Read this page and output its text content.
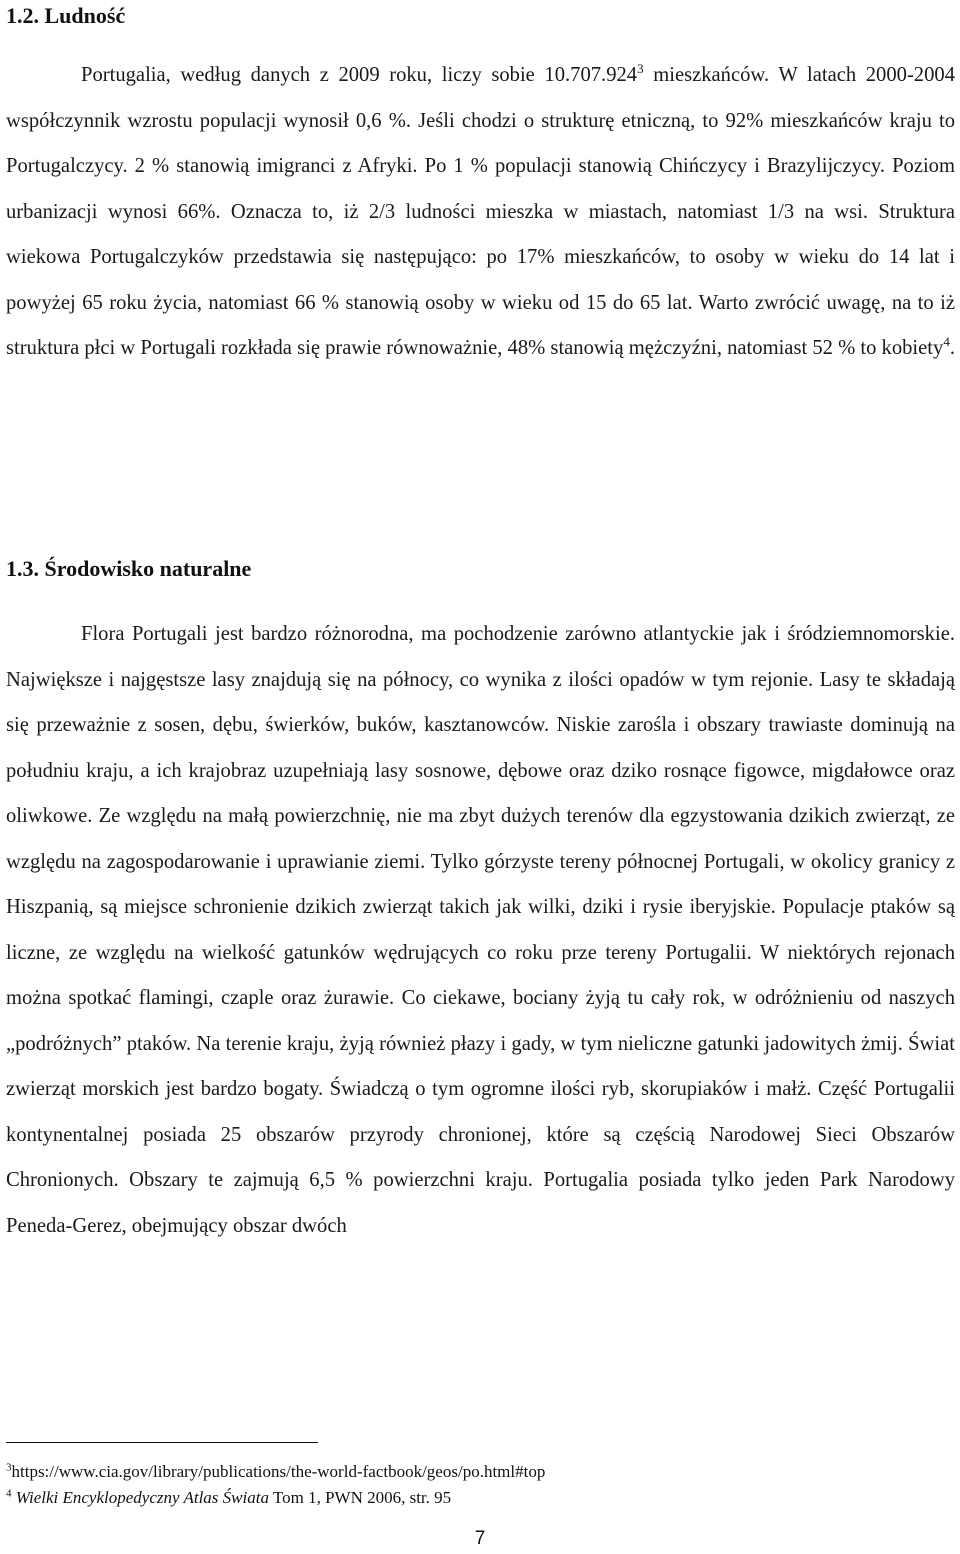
1.2. Ludność

Portugalia, według danych z 2009 roku, liczy sobie 10.707.924$^3$ mieszkańców. W latach 2000-2004 współczynnik wzrostu populacji wynosił 0,6 %. Jeśli chodzi o strukturę etniczną, to 92% mieszkańców kraju to Portugalczycy. 2 % stanowią imigranci z Afryki. Po 1 % populacji stanowią Chińczycy i Brazylijczycy. Poziom urbanizacji wynosi 66%. Oznacza to, iż 2/3 ludności mieszka w miastach, natomiast 1/3 na wsi. Struktura wiekowa Portugalczyków przedstawia się następująco: po 17% mieszkańców, to osoby w wieku do 14 lat i powyżej 65 roku życia, natomiast 66 % stanowią osoby w wieku od 15 do 65 lat. Warto zwrócić uwagę, na to iż struktura płci w Portugali rozkłada się prawie równoważnie, 48% stanowią mężczyźni, natomiast 52 % to kobiety$^4$.

1.3. Środowisko naturalne

Flora Portugali jest bardzo różnorodna, ma pochodzenie zarówno atlantyckie jak i śródziemnomorskie. Największe i najgęstsze lasy znajdują się na północy, co wynika z ilości opadów w tym rejonie. Lasy te składają się przeważnie z sosen, dębu, świerków, buków, kasztanowców. Niskie zarośla i obszary trawiaste dominują na południu kraju, a ich krajobraz uzupełniają lasy sosnowe, dębowe oraz dziko rosnące figowce, migdałowce oraz oliwkowe. Ze względu na małą powierzchnię, nie ma zbyt dużych terenów dla egzystowania dzikich zwierząt, ze względu na zagospodarowanie i uprawianie ziemi. Tylko górzyste tereny północnej Portugali, w okolicy granicy z Hiszpanią, są miejsce schronienie dzikich zwierząt takich jak wilki, dziki i rysie iberyjskie. Populacje ptaków są liczne, ze względu na wielkość gatunków wędrujących co roku prze tereny Portugalii. W niektórych rejonach można spotkać flamingi, czaple oraz żurawie. Co ciekawe, bociany żyją tu cały rok, w odróżnieniu od naszych „podróżnych” ptaków. Na terenie kraju, żyją również płazy i gady, w tym nieliczne gatunki jadowitych żmij. Świat zwierząt morskich jest bardzo bogaty. Świadczą o tym ogromne ilości ryb, skorupiaków i małż. Część Portugalii kontynentalnej posiada 25 obszarów przyrody chronionej, które są częścią Narodowej Sieci Obszarów Chronionych. Obszary te zajmują 6,5 % powierzchni kraju. Portugalia posiada tylko jeden Park Narodowy Peneda-Gerez, obejmujący obszar dwóch

$^3$https://www.cia.gov/library/publications/the-world-factbook/geos/po.html#top

$^4$ Wielki Encyklopedyczny Atlas Świata Tom 1, PWN 2006, str. 95

7
